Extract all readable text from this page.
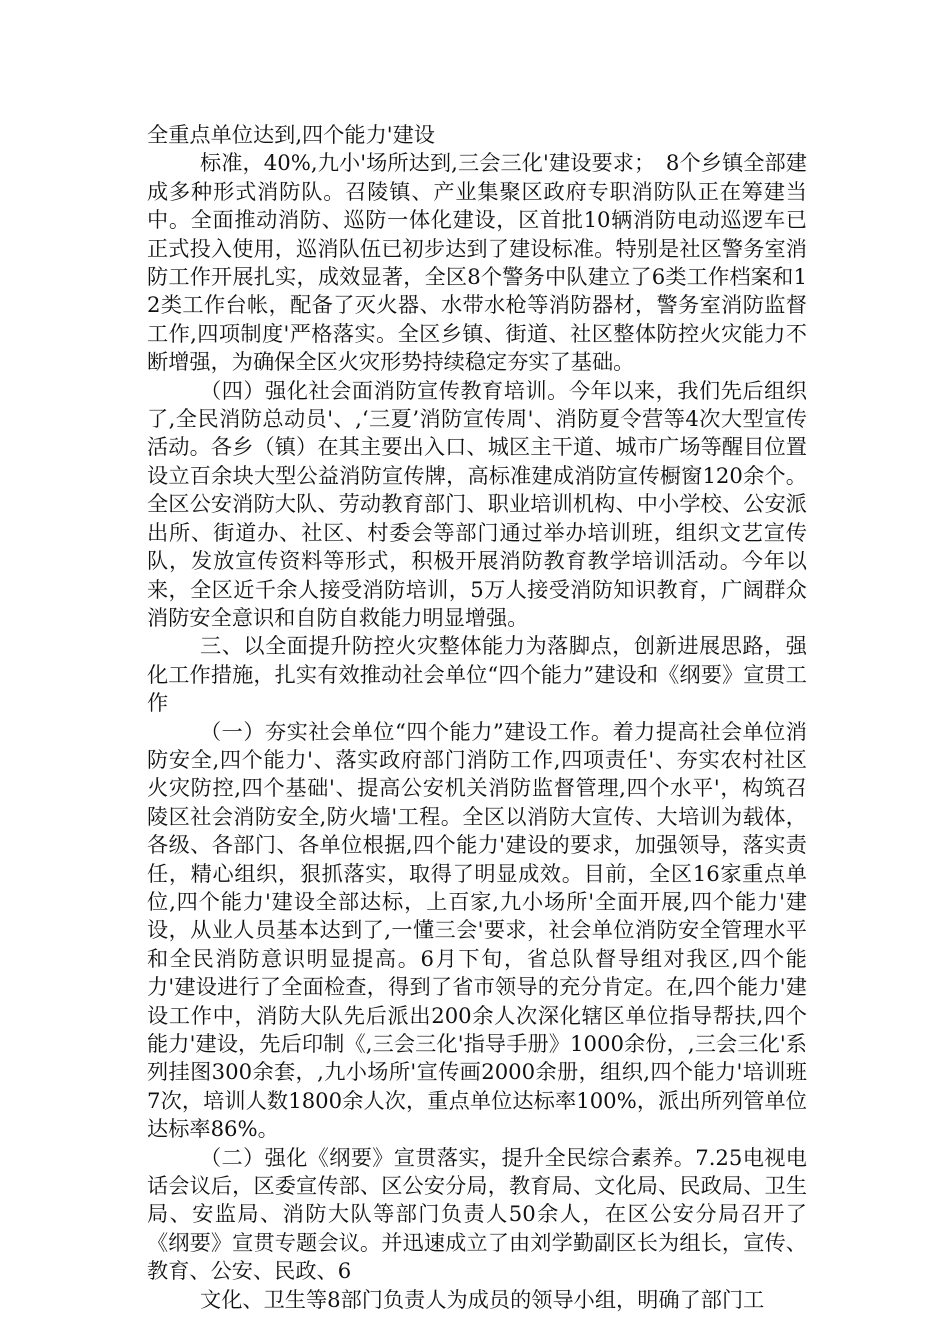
全重点单位达到,四个能力'建设

标准，40%,九小'场所达到,三会三化'建设要求；　8个乡镇全部建成多种形式消防队。召陵镇、产业集聚区政府专职消防队正在筹建当中。全面推动消防、巡防一体化建设，区首批10辆消防电动巡逻车已正式投入使用，巡消队伍已初步达到了建设标准。特别是社区警务室消防工作开展扎实，成效显著，全区8个警务中队建立了6类工作档案和12类工作台帐，配备了灭火器、水带水枪等消防器材，警务室消防监督工作,四项制度'严格落实。全区乡镇、街道、社区整体防控火灾能力不断增强，为确保全区火灾形势持续稳定夯实了基础。

（四）强化社会面消防宣传教育培训。今年以来，我们先后组织了,全民消防总动员'、,‘三夏’消防宣传周'、消防夏令营等4次大型宣传活动。各乡（镇）在其主要出入口、城区主干道、城市广场等醒目位置设立百余块大型公益消防宣传牌，高标准建成消防宣传橱窗120余个。全区公安消防大队、劳动教育部门、职业培训机构、中小学校、公安派出所、街道办、社区、村委会等部门通过举办培训班，组织文艺宣传队，发放宣传资料等形式，积极开展消防教育教学培训活动。今年以来，全区近千余人接受消防培训，5万人接受消防知识教育，广阔群众消防安全意识和自防自救能力明显增强。

三、以全面提升防控火灾整体能力为落脚点，创新进展思路，强化工作措施，扎实有效推动社会单位“四个能力”建设和《纲要》宣贯工作

（一）夯实社会单位“四个能力”建设工作。着力提高社会单位消防安全,四个能力'、落实政府部门消防工作,四项责任'、夯实农村社区火灾防控,四个基础'、提高公安机关消防监督管理,四个水平'，构筑召陵区社会消防安全,防火墙'工程。全区以消防大宣传、大培训为载体，各级、各部门、各单位根据,四个能力'建设的要求，加强领导，落实责任，精心组织，狠抓落实，取得了明显成效。目前，全区16家重点单位,四个能力'建设全部达标，上百家,九小场所'全面开展,四个能力'建设，从业人员基本达到了,一懂三会'要求，社会单位消防安全管理水平和全民消防意识明显提高。6月下旬，省总队督导组对我区,四个能力'建设进行了全面检查，得到了省市领导的充分肯定。在,四个能力'建设工作中，消防大队先后派出200余人次深化辖区单位指导帮扶,四个能力'建设，先后印制《,三会三化'指导手册》1000余份，,三会三化'系列挂图300余套，,九小场所'宣传画2000余册，组织,四个能力'培训班7次，培训人数1800余人次，重点单位达标率100%，派出所列管单位达标率86%。

（二）强化《纲要》宣贯落实，提升全民综合素养。7.25电视电话会议后，区委宣传部、区公安分局，教育局、文化局、民政局、卫生局、安监局、消防大队等部门负责人50余人，在区公安分局召开了《纲要》宣贯专题会议。并迅速成立了由刘学勤副区长为组长，宣传、教育、公安、民政、6

文化、卫生等8部门负责人为成员的领导小组，明确了部门工
